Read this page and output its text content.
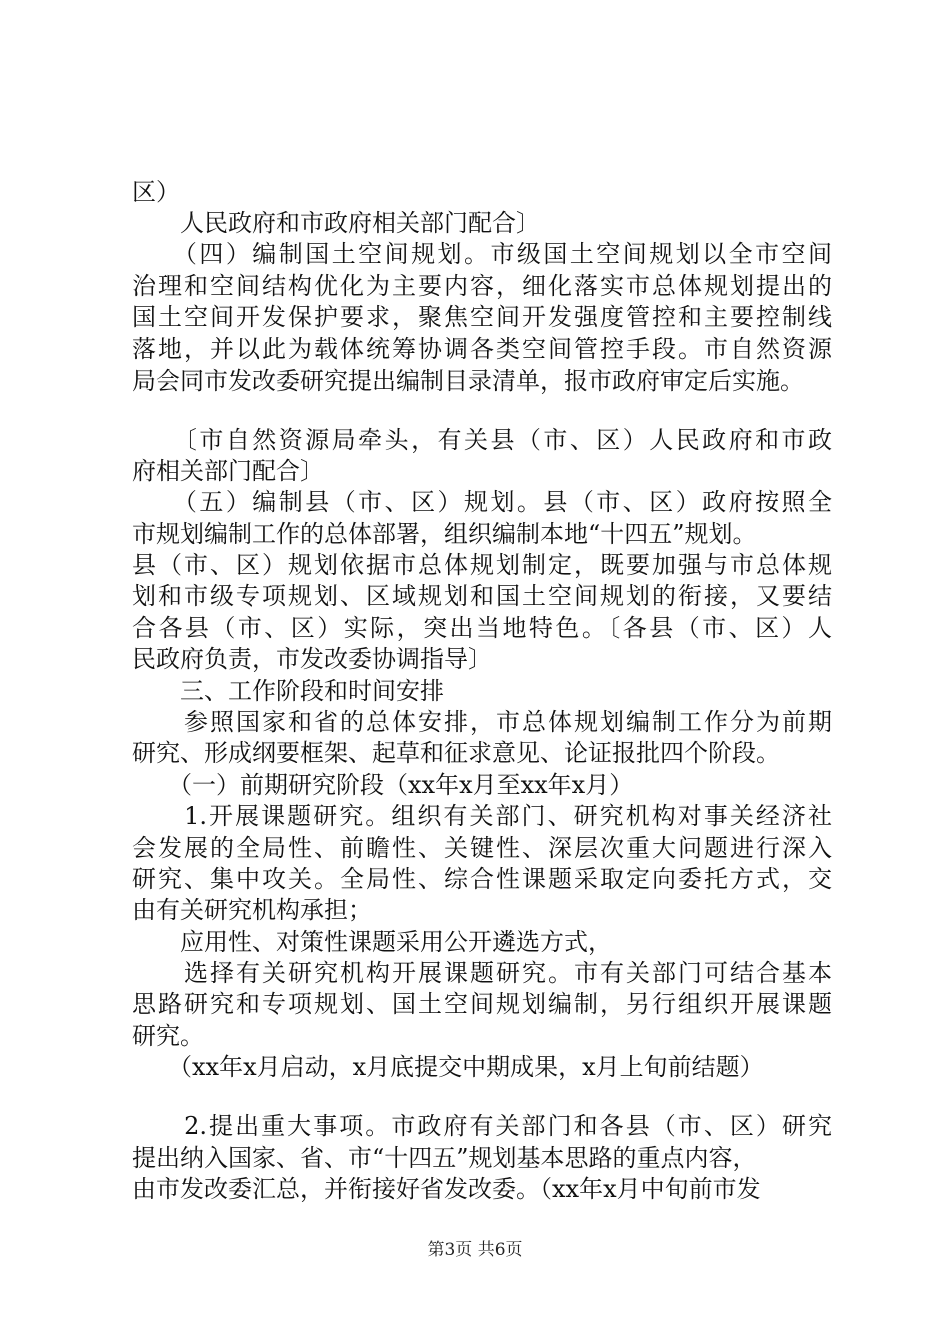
区）
　　人民政府和市政府相关部门配合〕
　　（四）编制国土空间规划。市级国土空间规划以全市空间
治理和空间结构优化为主要内容，细化落实市总体规划提出的
国土空间开发保护要求，聚焦空间开发强度管控和主要控制线
落地，并以此为载体统筹协调各类空间管控手段。市自然资源
局会同市发改委研究提出编制目录清单，报市政府审定后实施。
　　〔市自然资源局牵头，有关县（市、区）人民政府和市政
府相关部门配合〕
　　（五）编制县（市、区）规划。县（市、区）政府按照全
市规划编制工作的总体部署，组织编制本地“十四五”规划。
县（市、区）规划依据市总体规划制定，既要加强与市总体规
划和市级专项规划、区域规划和国土空间规划的衔接，又要结
合各县（市、区）实际，突出当地特色。〔各县（市、区）人
民政府负责，市发改委协调指导〕
　　三、工作阶段和时间安排
　　参照国家和省的总体安排，市总体规划编制工作分为前期
研究、形成纲要框架、起草和征求意见、论证报批四个阶段。
　　（一）前期研究阶段（xx年x月至xx年x月）
　　1.开展课题研究。组织有关部门、研究机构对事关经济社
会发展的全局性、前瞻性、关键性、深层次重大问题进行深入
研究、集中攻关。全局性、综合性课题采取定向委托方式，交
由有关研究机构承担；
　　应用性、对策性课题采用公开遴选方式，
　　选择有关研究机构开展课题研究。市有关部门可结合基本
思路研究和专项规划、国土空间规划编制，另行组织开展课题
研究。
　　（xx年x月启动，x月底提交中期成果，x月上旬前结题）
　　2.提出重大事项。市政府有关部门和各县（市、区）研究
提出纳入国家、省、市“十四五”规划基本思路的重点内容，
由市发改委汇总，并衔接好省发改委。（xx年x月中旬前市发
第3页 共6页
